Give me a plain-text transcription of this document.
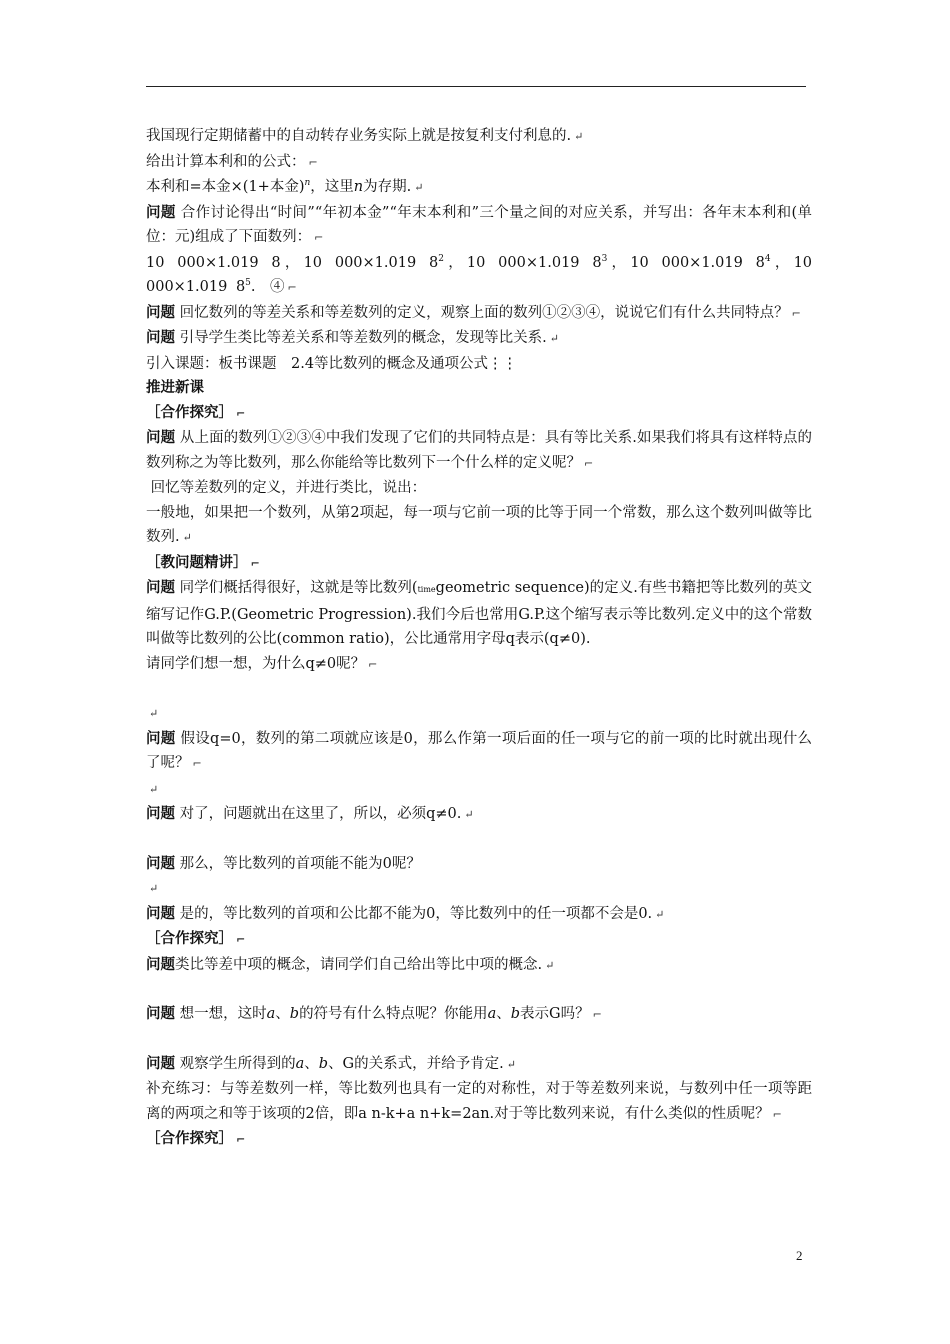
我国现行定期储蓄中的自动转存业务实际上就是按复利支付利息的. ↵

给出计算本利和的公式： ⌐

本利和=本金×(1+本金)$^n$，这里n为存期. ↵

问题 合作讨论得出“时间”“年初本金”“年末本利和”三个量之间的对应关系，并写出：各年末本利和(单位：元)组成了下面数列： ⌐

10 000×1.019 8，10 000×1.019 $8^2$，10 000×1.019 $8^3$，10 000×1.019 $8^4$，10 000×1.019 $8^5$.　④ ⌐

问题 回忆数列的等差关系和等差数列的定义，观察上面的数列①②③④，说说它们有什么共同特点？ ⌐

问题 引导学生类比等差关系和等差数列的概念，发现等比关系. ↵

引入课题：板书课题　2.4等比数列的概念及通项公式⋮⋮

推进新课

［合作探究］ ⌐

问题 从上面的数列①②③④中我们发现了它们的共同特点是：具有等比关系.如果我们将具有这样特点的数列称之为等比数列，那么你能给等比数列下一个什么样的定义呢？ ⌐

回忆等差数列的定义，并进行类比，说出：

一般地，如果把一个数列，从第2项起，每一项与它前一项的比等于同一个常数，那么这个数列叫做等比数列. ↵

［教问题精讲］ ⌐

问题 同学们概括得很好，这就是等比数列(timegeometric sequence)的定义.有些书籍把等比数列的英文缩写记作G.P.(Geometric Progression).我们今后也常用G.P.这个缩写表示等比数列.定义中的这个常数叫做等比数列的公比(common ratio)，公比通常用字母q表示(q≠0).

请同学们想一想，为什么q≠0呢？ ⌐

↵

问题 假设q=0，数列的第二项就应该是0，那么作第一项后面的任一项与它的前一项的比时就出现什么了呢？ ⌐

↵

问题 对了，问题就出在这里了，所以，必须q≠0. ↵

问题 那么，等比数列的首项能不能为0呢？

↵

问题 是的，等比数列的首项和公比都不能为0，等比数列中的任一项都不会是0. ↵

［合作探究］ ⌐

问题类比等差中项的概念，请同学们自己给出等比中项的概念. ↵

问题 想一想，这时a、b的符号有什么特点呢？你能用a、b表示G吗？ ⌐

问题 观察学生所得到的a、b、G的关系式，并给予肯定. ↵

补充练习：与等差数列一样，等比数列也具有一定的对称性，对于等差数列来说，与数列中任一项等距离的两项之和等于该项的2倍，即a n-k+a n+k=2an.对于等比数列来说，有什么类似的性质呢？ ⌐

［合作探究］ ⌐

2
